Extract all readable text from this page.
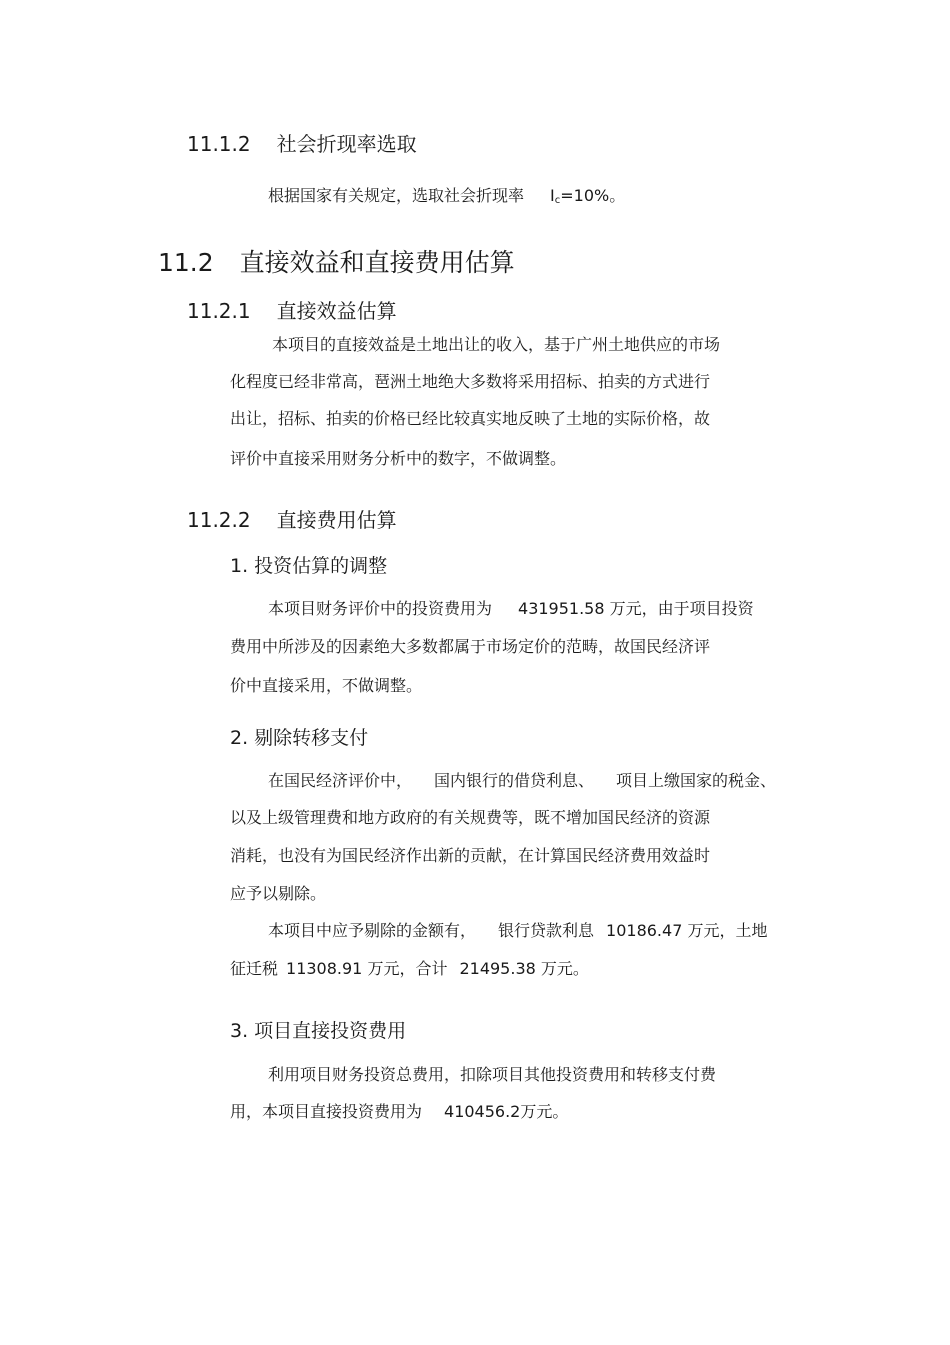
11.1.2 社会折现率选取
根据国家有关规定，选取社会折现率 $I_c=10\%$。
11.2 直接效益和直接费用估算
11.2.1 直接效益估算
本项目的直接效益是土地出让的收入，基于广州土地供应的市场
化程度已经非常高，琶洲土地绝大多数将采用招标、拍卖的方式进行
出让，招标、拍卖的价格已经比较真实地反映了土地的实际价格，故
评价中直接采用财务分析中的数字，不做调整。
11.2.2 直接费用估算
1. 投资估算的调整
本项目财务评价中的投资费用为 431951.58 万元，由于项目投资
费用中所涉及的因素绝大多数都属于市场定价的范畴，故国民经济评
价中直接采用，不做调整。
2. 剔除转移支付
在国民经济评价中， 国内银行的借贷利息、 项目上缴国家的税金、
以及上级管理费和地方政府的有关规费等，既不增加国民经济的资源
消耗，也没有为国民经济作出新的贡献，在计算国民经济费用效益时
应予以剔除。
本项目中应予剔除的金额有， 银行贷款利息 10186.47 万元，土地
征迁税 11308.91 万元，合计 21495.38 万元。
3. 项目直接投资费用
利用项目财务投资总费用，扣除项目其他投资费用和转移支付费
用，本项目直接投资费用为 410456.2万元。
